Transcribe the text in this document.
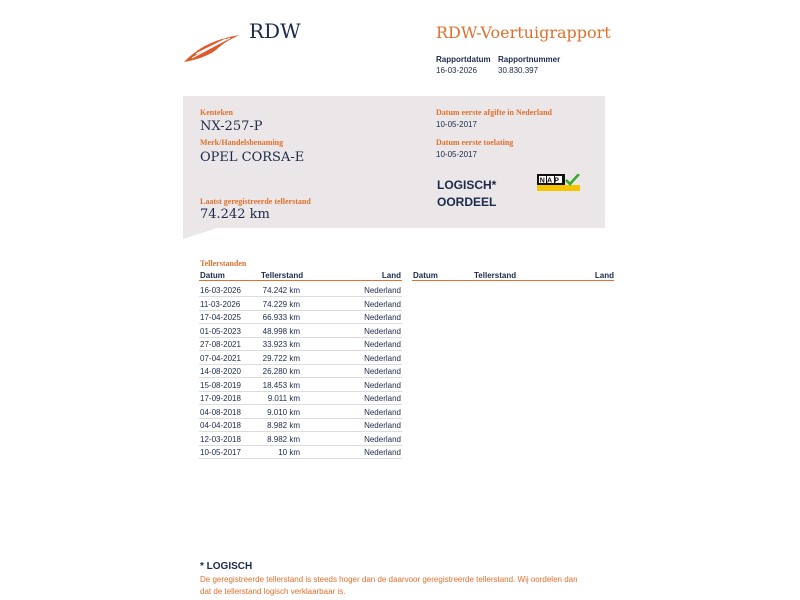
RDW	RDW-Voertuigrapport
Rapportdatum
16-03-2026
Rapportnummer
30.830.397
Kenteken
NX-257-P
Merk/Handelsbenaming
OPEL CORSA-E
Laatst geregistreerde tellerstand
74.242 km
Datum eerste afgifte in Nederland
10-05-2017
Datum eerste toelating
10-05-2017
LOGISCH*
OORDEEL
NAP
Tellerstanden
Datum	Tellerstand	Land Datum	Tellerstand	Land
16-03-2026	74.242 km	Nederland
11-03-2026	74.229 km	Nederland
17-04-2025	66.933 km	Nederland
01-05-2023	48.998 km	Nederland
27-08-2021	33.923 km	Nederland
07-04-2021	29.722 km	Nederland
14-08-2020	26.280 km	Nederland
15-08-2019	18.453 km	Nederland
17-09-2018	9.011 km	Nederland
04-08-2018	9.010 km	Nederland
04-04-2018	8.982 km	Nederland
12-03-2018	8.982 km	Nederland
10-05-2017	10 km	Nederland
* LOGISCH
De geregistreerde tellerstand is steeds hoger dan de daarvoor geregistreerde tellerstand. Wij oordelen dan dat de tellerstand logisch verklaarbaar is.
